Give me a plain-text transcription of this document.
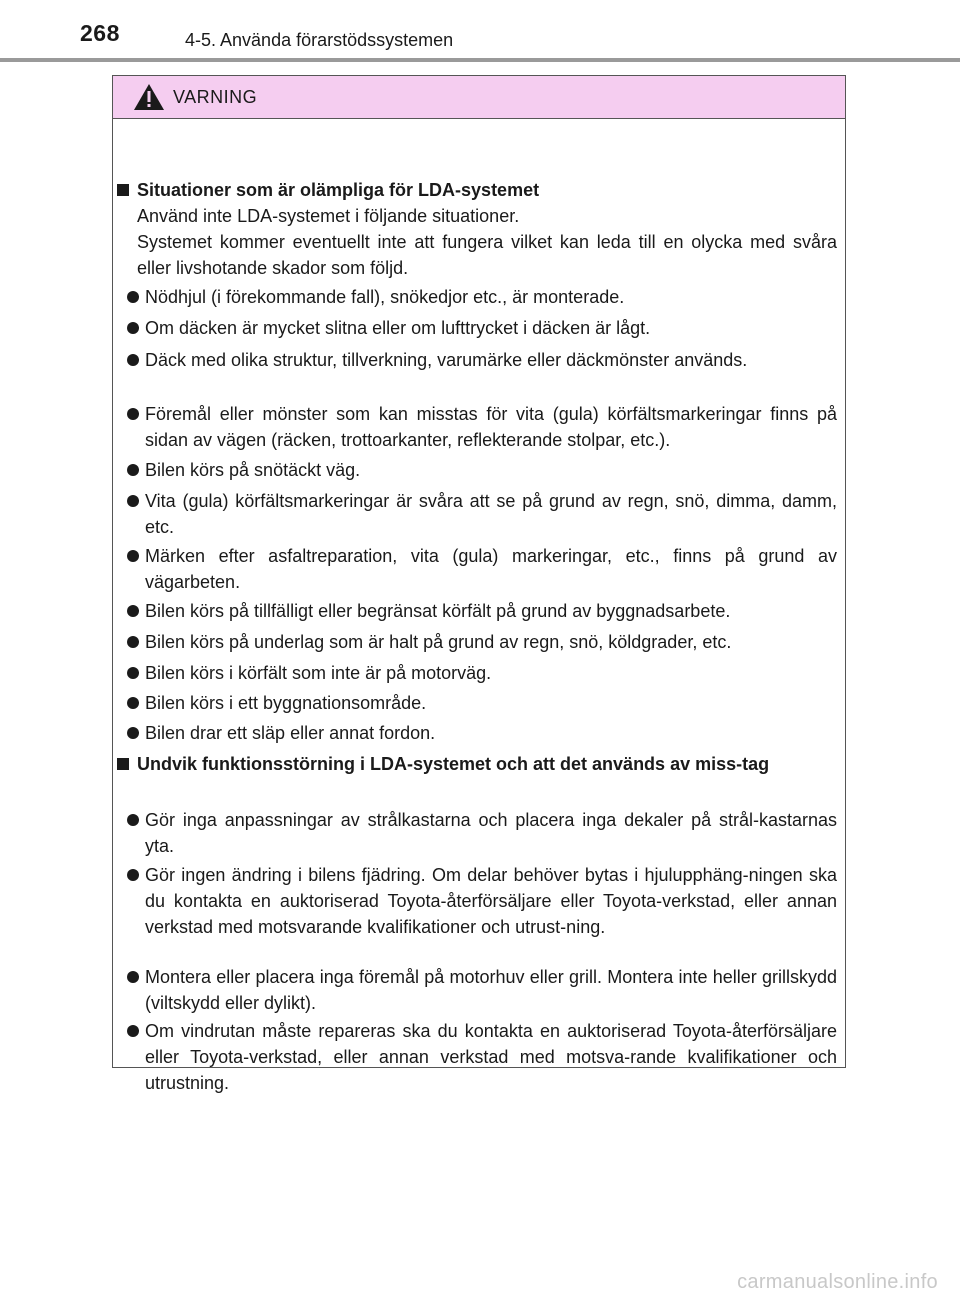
268	4-5. Använda förarstödssystemen
VARNING
Situationer som är olämpliga för LDA-systemet
Använd inte LDA-systemet i följande situationer.
Systemet kommer eventuellt inte att fungera vilket kan leda till en olycka med svåra eller livshotande skador som följd.
Nödhjul (i förekommande fall), snökedjor etc., är monterade.
Om däcken är mycket slitna eller om lufttrycket i däcken är lågt.
Däck med olika struktur, tillverkning, varumärke eller däckmönster används.
Föremål eller mönster som kan misstas för vita (gula) körfältsmarkeringar finns på sidan av vägen (räcken, trottoarkanter, reflekterande stolpar, etc.).
Bilen körs på snötäckt väg.
Vita (gula) körfältsmarkeringar är svåra att se på grund av regn, snö, dimma, damm, etc.
Märken efter asfaltreparation, vita (gula) markeringar, etc., finns på grund av vägarbeten.
Bilen körs på tillfälligt eller begränsat körfält på grund av byggnadsarbete.
Bilen körs på underlag som är halt på grund av regn, snö, köldgrader, etc.
Bilen körs i körfält som inte är på motorväg.
Bilen körs i ett byggnationsområde.
Bilen drar ett släp eller annat fordon.
Undvik funktionsstörning i LDA-systemet och att det används av miss-tag
Gör inga anpassningar av strålkastarna och placera inga dekaler på strål-kastarnas yta.
Gör ingen ändring i bilens fjädring. Om delar behöver bytas i hjulupphäng-ningen ska du kontakta en auktoriserad Toyota-återförsäljare eller Toyota-verkstad, eller annan verkstad med motsvarande kvalifikationer och utrust-ning.
Montera eller placera inga föremål på motorhuv eller grill. Montera inte heller grillskydd (viltskydd eller dylikt).
Om vindrutan måste repareras ska du kontakta en auktoriserad Toyota-återförsäljare eller Toyota-verkstad, eller annan verkstad med motsva-rande kvalifikationer och utrustning.
carmanualsonline.info
